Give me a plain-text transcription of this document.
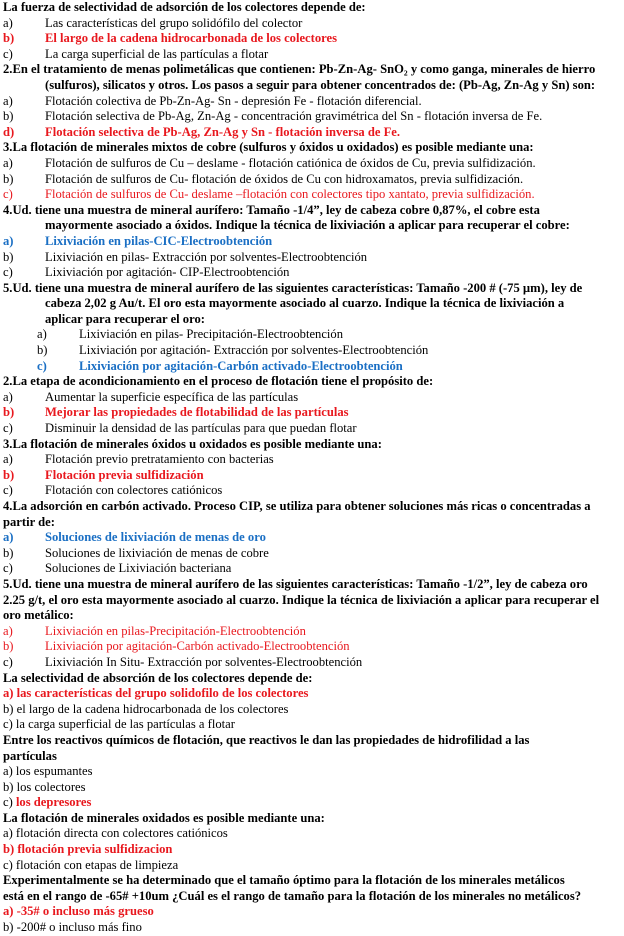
La fuerza de selectividad de adsorción de los colectores depende de:
a)	Las características del grupo solidófilo del colector
b) El largo de la cadena hidrocarbonada de los colectores
c)	La carga superficial de las partículas a flotar
2.En el tratamiento de menas polimetálicas que contienen: Pb-Zn-Ag- SnO₂ y como ganga, minerales de hierro
(sulfuros), silicatos y otros. Los pasos a seguir para obtener concentrados de: (Pb-Ag, Zn-Ag y Sn) son:
a)	Flotación colectiva de Pb-Zn-Ag- Sn - depresión Fe - flotación diferencial.
b)	Flotación selectiva de Pb-Ag, Zn-Ag - concentración gravimétrica del Sn - flotación inversa de Fe.
d) Flotación selectiva de Pb-Ag, Zn-Ag y Sn - flotación inversa de Fe.
3.La flotación de minerales mixtos de cobre (sulfuros y óxidos u oxidados) es posible mediante una:
a)	Flotación de sulfuros de Cu – deslame - flotación catiónica de óxidos de Cu, previa sulfidización.
b)	Flotación de sulfuros de Cu- flotación de óxidos de Cu con hidroxamatos, previa sulfidización.
c)	Flotación de sulfuros de Cu- deslame –flotación con colectores tipo xantato, previa sulfidización.
4.Ud. tiene una muestra de mineral aurífero: Tamaño -1/4”, ley de cabeza cobre 0,87%, el cobre esta
mayormente asociado a óxidos. Indique la técnica de lixiviación a aplicar para recuperar el cobre:
a)	Lixiviación en pilas-CIC-Electroobtención
b)	Lixiviación en pilas- Extracción por solventes-Electroobtención
c)	Lixiviación por agitación- CIP-Electroobtención
5.Ud. tiene una muestra de mineral aurífero de las siguientes características: Tamaño -200 # (-75 µm), ley de
cabeza 2,02 g Au/t. El oro esta mayormente asociado al cuarzo. Indique la técnica de lixiviación a
aplicar para recuperar el oro:
a)	Lixiviación en pilas- Precipitación-Electroobtención
b)	Lixiviación por agitación- Extracción por solventes-Electroobtención
c)	Lixiviación por agitación-Carbón activado-Electroobtención
2.La etapa de acondicionamiento en el proceso de flotación tiene el propósito de:
a)	Aumentar la superficie específica de las partículas
b) Mejorar las propiedades de flotabilidad de las partículas
c)	Disminuir la densidad de las partículas para que puedan flotar
3.La flotación de minerales óxidos u oxidados es posible mediante una:
a)	Flotación previo pretratamiento con bacterias
b) Flotación previa sulfidización
c)	Flotación con colectores catiónicos
4.La adsorción en carbón activado. Proceso CIP, se utiliza para obtener soluciones más ricas o concentradas a
partir de:
a)	Soluciones de lixiviación de menas de oro
b)	Soluciones de lixiviación de menas de cobre
c)	Soluciones de Lixiviación bacteriana
5.Ud. tiene una muestra de mineral aurífero de las siguientes características: Tamaño -1/2”, ley de cabeza oro
2.25 g/t, el oro esta mayormente asociado al cuarzo. Indique la técnica de lixiviación a aplicar para recuperar el
oro metálico:
a)	Lixiviación en pilas-Precipitación-Electroobtención
b)	Lixiviación por agitación-Carbón activado-Electroobtención
c)	Lixiviación In Situ- Extracción por solventes-Electroobtención
La selectividad de absorción de los colectores depende de:
a) las características del grupo solidofilo de los colectores
b) el largo de la cadena hidrocarbonada de los colectores
c) la carga superficial de las partículas a flotar
Entre los reactivos químicos de flotación, que reactivos le dan las propiedades de hidrofilidad a las
partículas
a) los espumantes
b) los colectores
c) los depresores
La flotación de minerales oxidados es posible mediante una:
a) flotación directa con colectores catiónicos
b) flotación previa sulfidizacion
c) flotación con etapas de limpieza
Experimentalmente se ha determinado que el tamaño óptimo para la flotación de los minerales metálicos
está en el rango de -65# +10um ¿Cuál es el rango de tamaño para la flotación de los minerales no metálicos?
a) -35# o incluso más grueso
b) -200# o incluso más fino
